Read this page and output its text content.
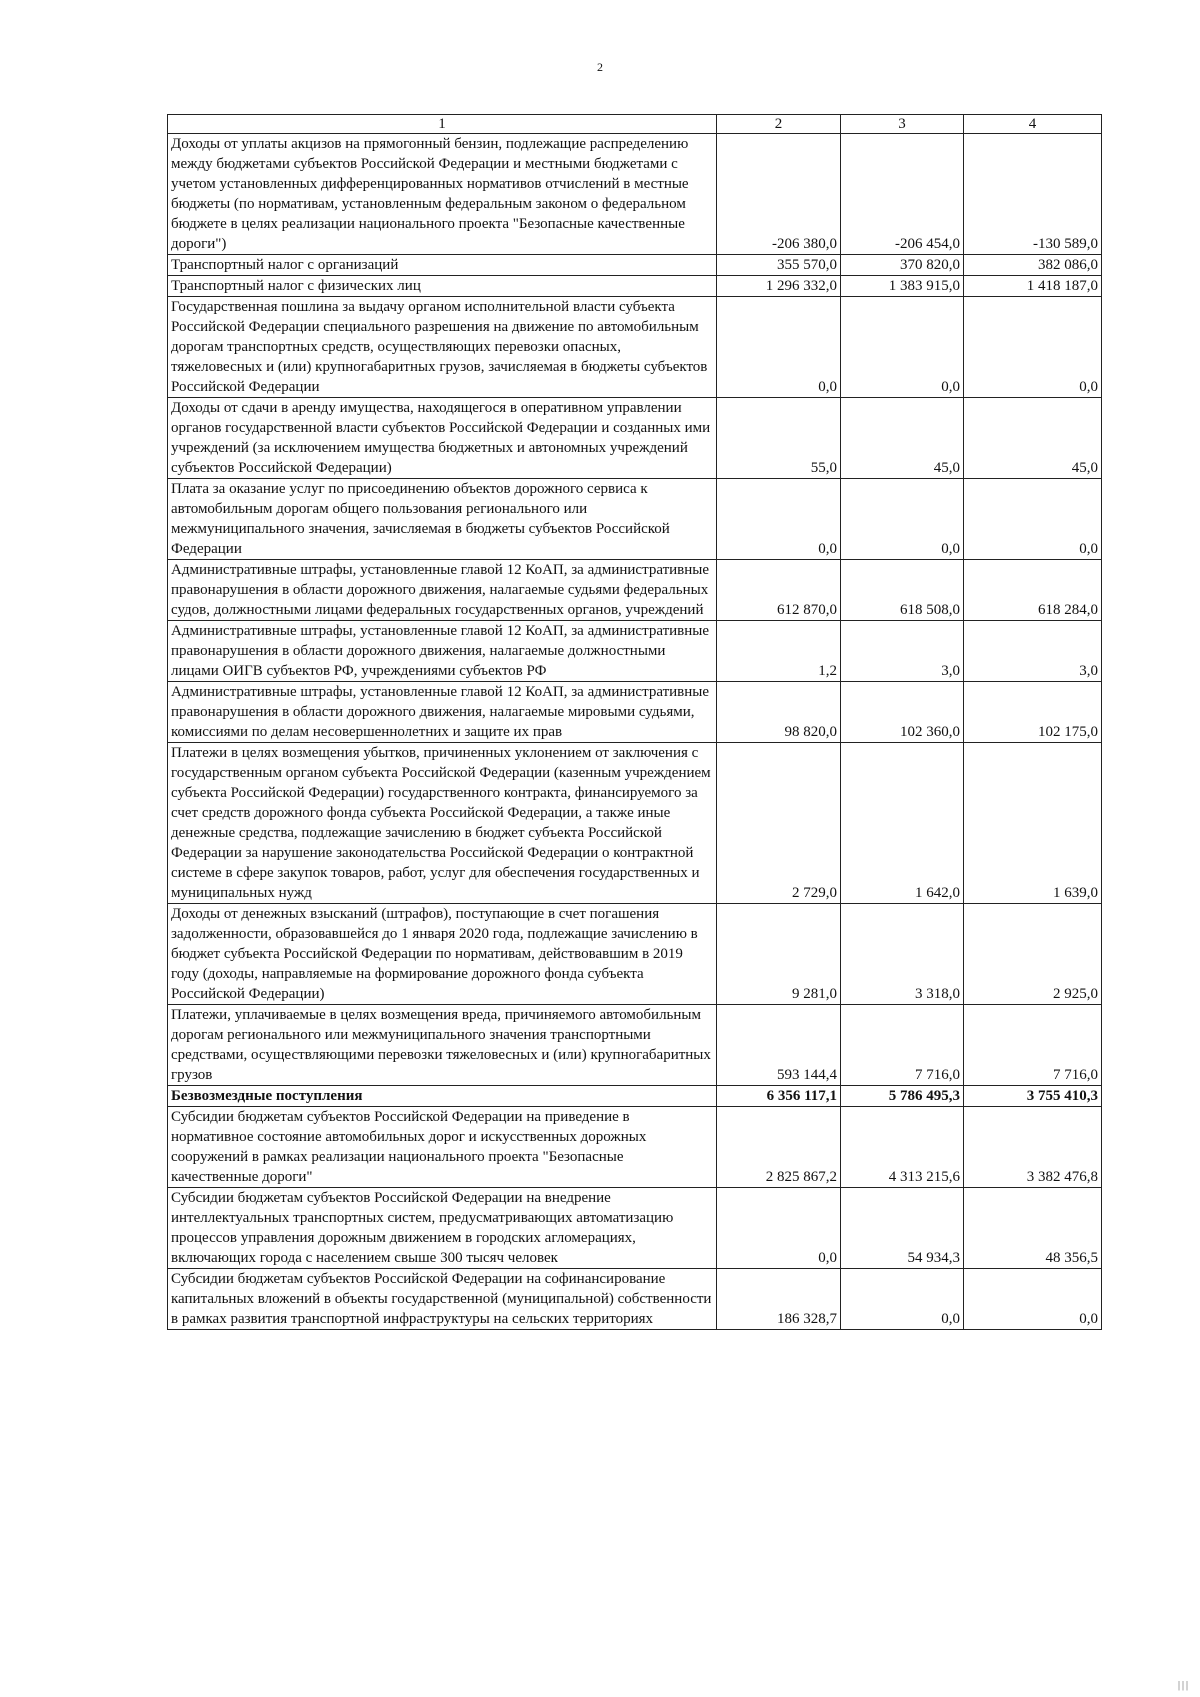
2
1	2	3	4
Доходы от уплаты акцизов на прямогонный бензин, подлежащие распределению между бюджетами субъектов Российской Федерации и местными бюджетами с учетом установленных дифференцированных нормативов отчислений в местные бюджеты (по нормативам, установленным федеральным законом о федеральном бюджете в целях реализации национального проекта "Безопасные качественные дороги")	-206 380,0	-206 454,0	-130 589,0
Транспортный налог с организаций	355 570,0	370 820,0	382 086,0
Транспортный налог с физических лиц	1 296 332,0	1 383 915,0	1 418 187,0
Государственная пошлина за выдачу органом исполнительной власти субъекта Российской Федерации специального разрешения на движение по автомобильным дорогам транспортных средств, осуществляющих перевозки опасных, тяжеловесных и (или) крупногабаритных грузов, зачисляемая в бюджеты субъектов Российской Федерации	0,0	0,0	0,0
Доходы от сдачи в аренду имущества, находящегося в оперативном управлении органов государственной власти субъектов Российской Федерации и созданных ими учреждений (за исключением имущества бюджетных и автономных учреждений субъектов Российской Федерации)	55,0	45,0	45,0
Плата за оказание услуг по присоединению объектов дорожного сервиса к автомобильным дорогам общего пользования регионального или межмуниципального значения, зачисляемая в бюджеты субъектов Российской Федерации	0,0	0,0	0,0
Административные штрафы, установленные главой 12 КоАП, за административные правонарушения в области дорожного движения, налагаемые судьями федеральных судов, должностными лицами федеральных государственных органов, учреждений	612 870,0	618 508,0	618 284,0
Административные штрафы, установленные главой 12 КоАП, за административные правонарушения в области дорожного движения, налагаемые должностными лицами ОИГВ субъектов РФ, учреждениями субъектов РФ	1,2	3,0	3,0
Административные штрафы, установленные главой 12 КоАП, за административные правонарушения в области дорожного движения, налагаемые мировыми судьями, комиссиями по делам несовершеннолетних и защите их прав	98 820,0	102 360,0	102 175,0
Платежи в целях возмещения убытков, причиненных уклонением от заключения с государственным органом субъекта Российской Федерации (казенным учреждением субъекта Российской Федерации) государственного контракта, финансируемого за счет средств дорожного фонда субъекта Российской Федерации, а также иные денежные средства, подлежащие зачислению в бюджет субъекта Российской Федерации за нарушение законодательства Российской Федерации о контрактной системе в сфере закупок товаров, работ, услуг для обеспечения государственных и муниципальных нужд	2 729,0	1 642,0	1 639,0
Доходы от денежных взысканий (штрафов), поступающие в счет погашения задолженности, образовавшейся до 1 января 2020 года, подлежащие зачислению в бюджет субъекта Российской Федерации по нормативам, действовавшим в 2019 году (доходы, направляемые на формирование дорожного фонда субъекта Российской Федерации)	9 281,0	3 318,0	2 925,0
Платежи, уплачиваемые в целях возмещения вреда, причиняемого автомобильным дорогам регионального или межмуниципального значения транспортными средствами, осуществляющими перевозки тяжеловесных и (или) крупногабаритных грузов	593 144,4	7 716,0	7 716,0
Безвозмездные поступления	6 356 117,1	5 786 495,3	3 755 410,3
Субсидии бюджетам субъектов Российской Федерации на приведение в нормативное состояние автомобильных дорог и искусственных дорожных сооружений в рамках реализации национального проекта "Безопасные качественные дороги"	2 825 867,2	4 313 215,6	3 382 476,8
Субсидии бюджетам субъектов Российской Федерации на внедрение интеллектуальных транспортных систем, предусматривающих автоматизацию процессов управления дорожным движением в городских агломерациях, включающих города с населением свыше 300 тысяч человек	0,0	54 934,3	48 356,5
Субсидии бюджетам субъектов Российской Федерации на софинансирование капитальных вложений в объекты государственной (муниципальной) собственности в рамках развития транспортной инфраструктуры на сельских территориях	186 328,7	0,0	0,0
|||
